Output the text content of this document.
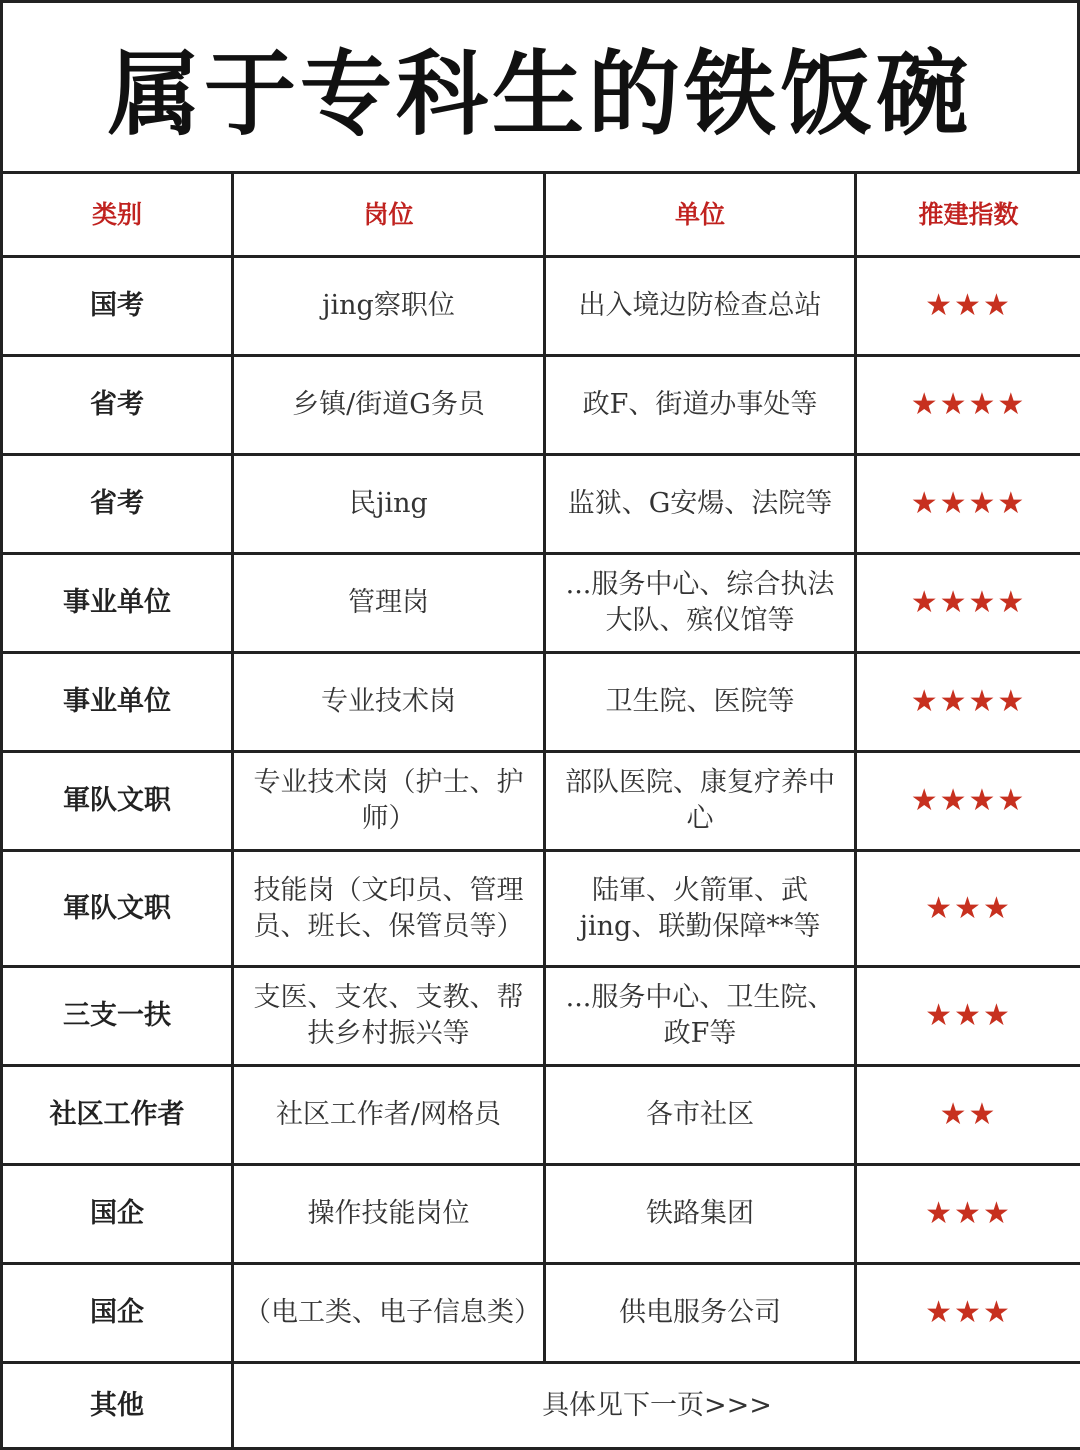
属于专科生的铁饭碗
类别	岗位	单位	推建指数
国考	jing察职位	出入境边防检查总站	★★★
省考	乡镇/街道G务员	政F、街道办事处等	★★★★
省考	民jing	监狱、G安煬、法院等	★★★★
事业单位	管理岗	...服务中心、综合执法大队、殡仪馆等	★★★★
事业单位	专业技术岗	卫生院、医院等	★★★★
軍队文职	专业技术岗（护士、护师）	部队医院、康复疗养中心	★★★★
軍队文职	技能岗（文印员、管理员、班长、保管员等）	陆軍、火箭軍、武jing、联勤保障**等	★★★
三支一扶	支医、支农、支教、帮扶乡村振兴等	...服务中心、卫生院、政F等	★★★
社区工作者	社区工作者/网格员	各市社区	★★
国企	操作技能岗位	铁路集团	★★★
国企	（电工类、电子信息类）	供电服务公司	★★★
其他	具体见下一页>>>		
